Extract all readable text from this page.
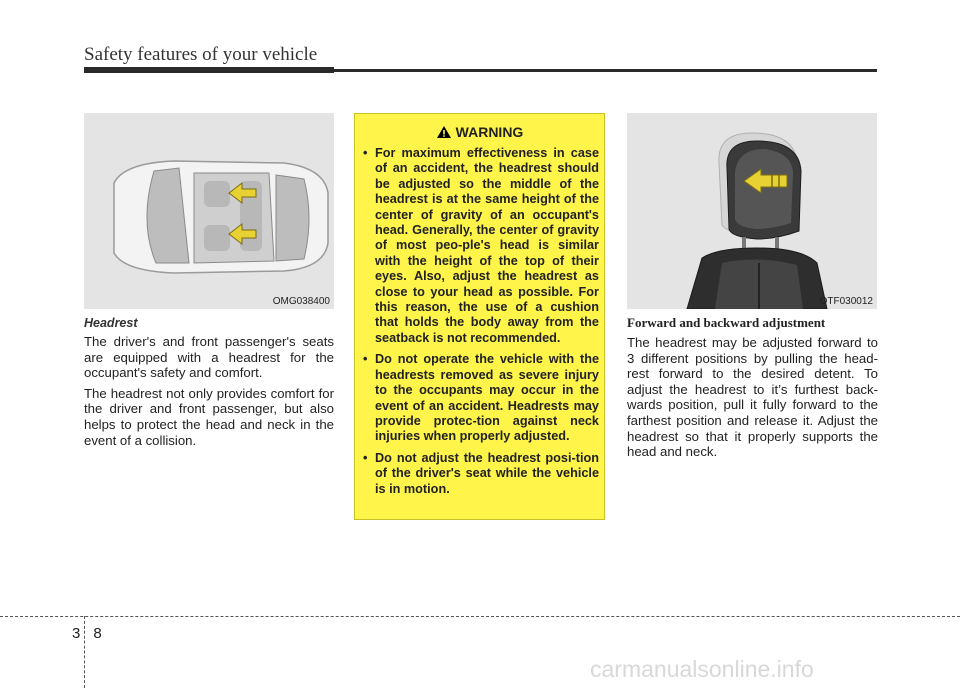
Safety features of your vehicle
OMG038400
Headrest

The driver's and front passenger's seats are equipped with a headrest for the occupant's safety and comfort.

The headrest not only provides comfort for the driver and front passenger, but also helps to protect the head and neck in the event of a collision.

WARNING
• For maximum effectiveness in case of an accident, the headrest should be adjusted so the middle of the headrest is at the same height of the center of gravity of an occupant's head. Generally, the center of gravity of most peo-ple's head is similar with the height of the top of their eyes. Also, adjust the headrest as close to your head as possible. For this reason, the use of a cushion that holds the body away from the seatback is not recommended.
• Do not operate the vehicle with the headrests removed as severe injury to the occupants may occur in the event of an accident. Headrests may provide protec-tion against neck injuries when properly adjusted.
• Do not adjust the headrest posi-tion of the driver's seat while the vehicle is in motion.
OTF030012
Forward and backward adjustment

The headrest may be adjusted forward to 3 different positions by pulling the head-rest forward to the desired detent. To adjust the headrest to it’s furthest back-wards position, pull it fully forward to the farthest position and release it. Adjust the headrest so that it properly supports the head and neck.

38
carmanualsonline.info
